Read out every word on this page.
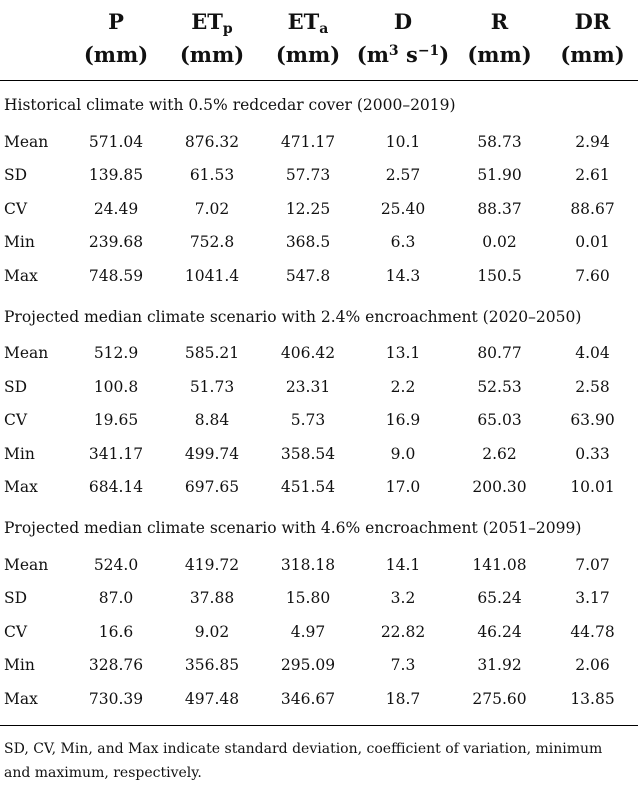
	P	$ET_p$	$ET_a$	D	R	DR
	(mm)	(mm)	(mm)	($m^3$ $s^{-1}$)	(mm)	(mm)
Historical climate with 0.5% redcedar cover (2000–2019)						
Mean	571.04	876.32	471.17	10.1	58.73	2.94
SD	139.85	61.53	57.73	2.57	51.90	2.61
CV	24.49	7.02	12.25	25.40	88.37	88.67
Min	239.68	752.8	368.5	6.3	0.02	0.01
Max	748.59	1041.4	547.8	14.3	150.5	7.60
Projected median climate scenario with 2.4% encroachment (2020–2050)						
Mean	512.9	585.21	406.42	13.1	80.77	4.04
SD	100.8	51.73	23.31	2.2	52.53	2.58
CV	19.65	8.84	5.73	16.9	65.03	63.90
Min	341.17	499.74	358.54	9.0	2.62	0.33
Max	684.14	697.65	451.54	17.0	200.30	10.01
Projected median climate scenario with 4.6% encroachment (2051–2099)						
Mean	524.0	419.72	318.18	14.1	141.08	7.07
SD	87.0	37.88	15.80	3.2	65.24	3.17
CV	16.6	9.02	4.97	22.82	46.24	44.78
Min	328.76	356.85	295.09	7.3	31.92	2.06
Max	730.39	497.48	346.67	18.7	275.60	13.85
SD, CV, Min, and Max indicate standard deviation, coefficient of variation, minimum and maximum, respectively.
